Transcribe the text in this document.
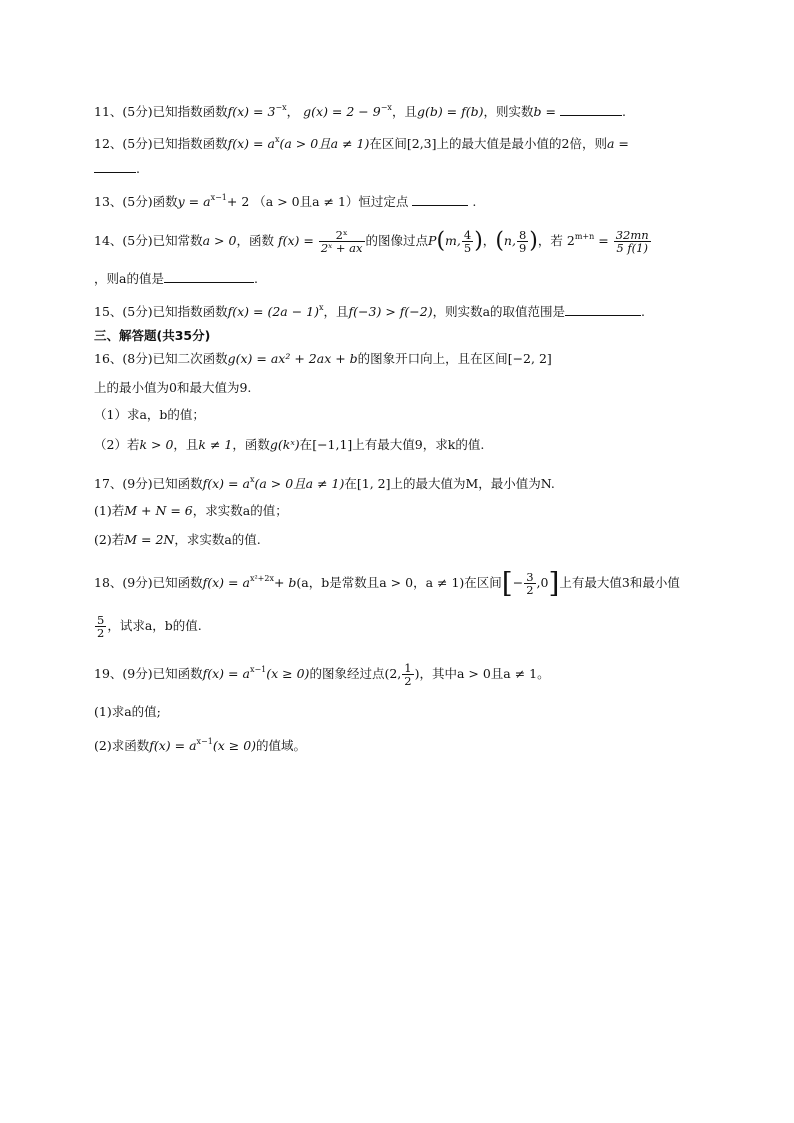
11、(5分)已知指数函数$f(x) = 3^{-x}$， $g(x) = 2 - 9^{-x}$，且g(b) = f(b)，则实数b =	.
12、(5分)已知指数函数$f(x) = a^x(a > 0$且a ≠ 1)在区间[2,3]上的最大值是最小值的2倍，则a =
.
13、(5分)函数$y = a^{x-1}+ 2$ （a > 0且a ≠ 1）恒过定点	.
14、(5分)已知常数a > 0，函数 $f(x) = \frac{\text{2ˣ}}{\text{2ˣ + ax}}$ 的图像过点P(m, $\frac{4}{5}$ )，(n, $\frac{8}{9}$ )，若 $2^{m+n} = \frac{32mn}{5 f(1)}$
，则a的值是	.
15、(5分)已知指数函数$f(x) = (2a - 1)^x$，且f(−3) > f(−2)，则实数a的取值范围是	.
三、解答题(共35分)
16、(8分)已知二次函数g(x) = ax² + 2ax + b的图象开口向上，且在区间[−2, 2]
上的最小值为0和最大值为9.
（1）求a，b的值；
（2）若k > 0，且k ≠ 1，函数g(kˣ)在[−1,1]上有最大值9，求k的值.
17、(9分)已知函数$f(x) = a^x(a > 0$且a ≠ 1)在[1, 2]上的最大值为M，最小值为N.
(1)若M + N = 6，求实数a的值；
(2)若M = 2N，求实数a的值.
18、(9分)已知函数$f(x) = a^{x^2+2x}+ b(a$，b是常数且a > 0，a ≠ 1)在区间[− $\frac{3}{2} ,0$]上有最大值3和最小值
$\frac{5}{2}$ ，试求a，b的值.
19、(9分)已知函数$f(x) = a^{x-1}(x \ge 0)$的图象经过点(2, $\frac{1}{2}$ )，其中a > 0且a ≠ 1。
(1)求a的值;
(2)求函数$f(x) = a^{x-1}(x \ge 0)$的值域。
